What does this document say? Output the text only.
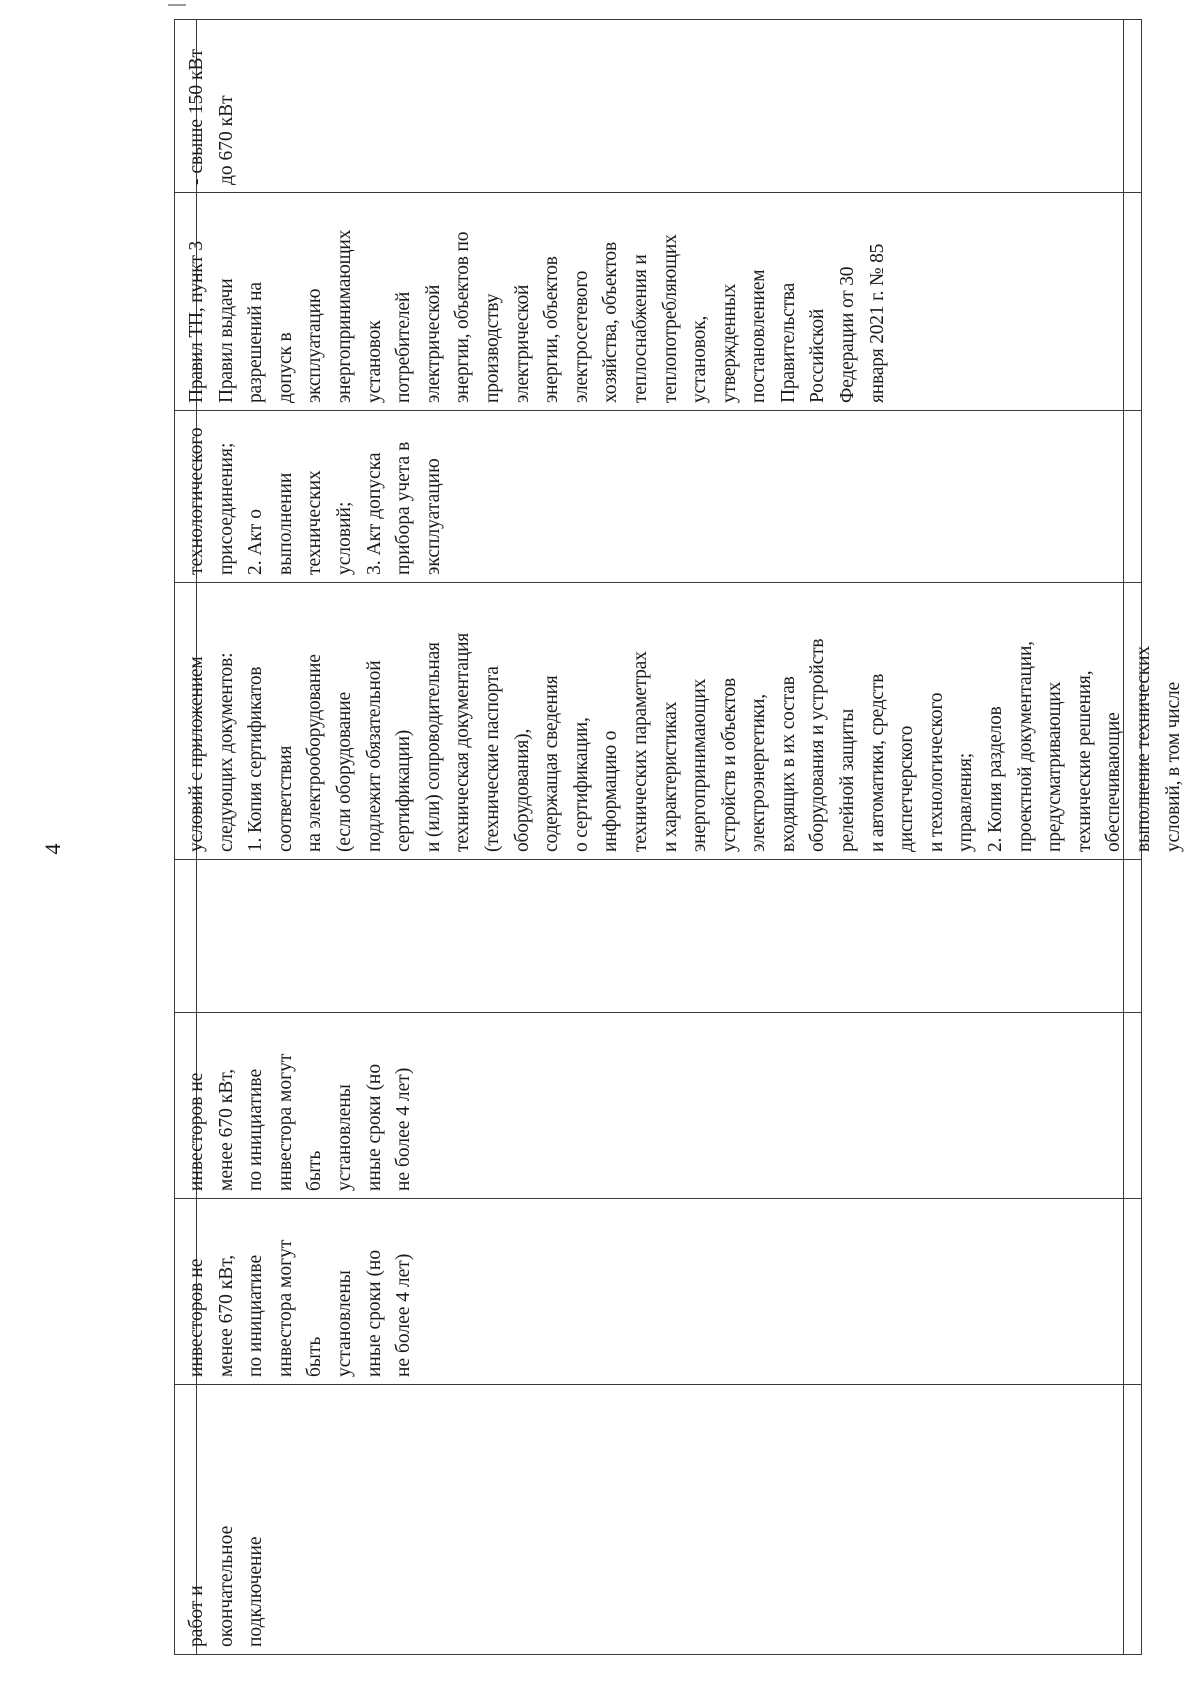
4
работ и окончательное подключение
инвесторов не менее 670 кВт, по инициативе инвестора могут быть установлены иные сроки (но не более 4 лет)
инвесторов не менее 670 кВт, по инициативе инвестора могут быть установлены иные сроки (но не более 4 лет)
условий с приложением следующих документов: 1. Копия сертификатов соответствия на электрооборудование (если оборудование подлежит обязательной сертификации) и (или) сопроводительная техническая документация (технические паспорта оборудования), содержащая сведения о сертификации, информацию о технических параметрах и характеристиках энергопринимающих устройств и объектов электроэнергетики, входящих в их состав оборудования и устройств релейной защиты и автоматики, средств диспетчерского и технологического управления; 2. Копия разделов проектной документации, предусматривающих технические решения, обеспечивающие выполнение технических условий, в том числе
технологического присоединения; 2. Акт о выполнении технических условий; 3. Акт допуска прибора учета в эксплуатацию
Правил ТП, пункт 3 Правил выдачи разрешений на допуск в эксплуатацию энергопринимающих установок потребителей электрической энергии, объектов по производству электрической энергии, объектов электросетевого хозяйства, объектов теплоснабжения и теплопотребляющих установок, утвержденных постановлением Правительства Российской Федерации от 30 января 2021 г. № 85
- свыше 150 кВт до 670 кВт
